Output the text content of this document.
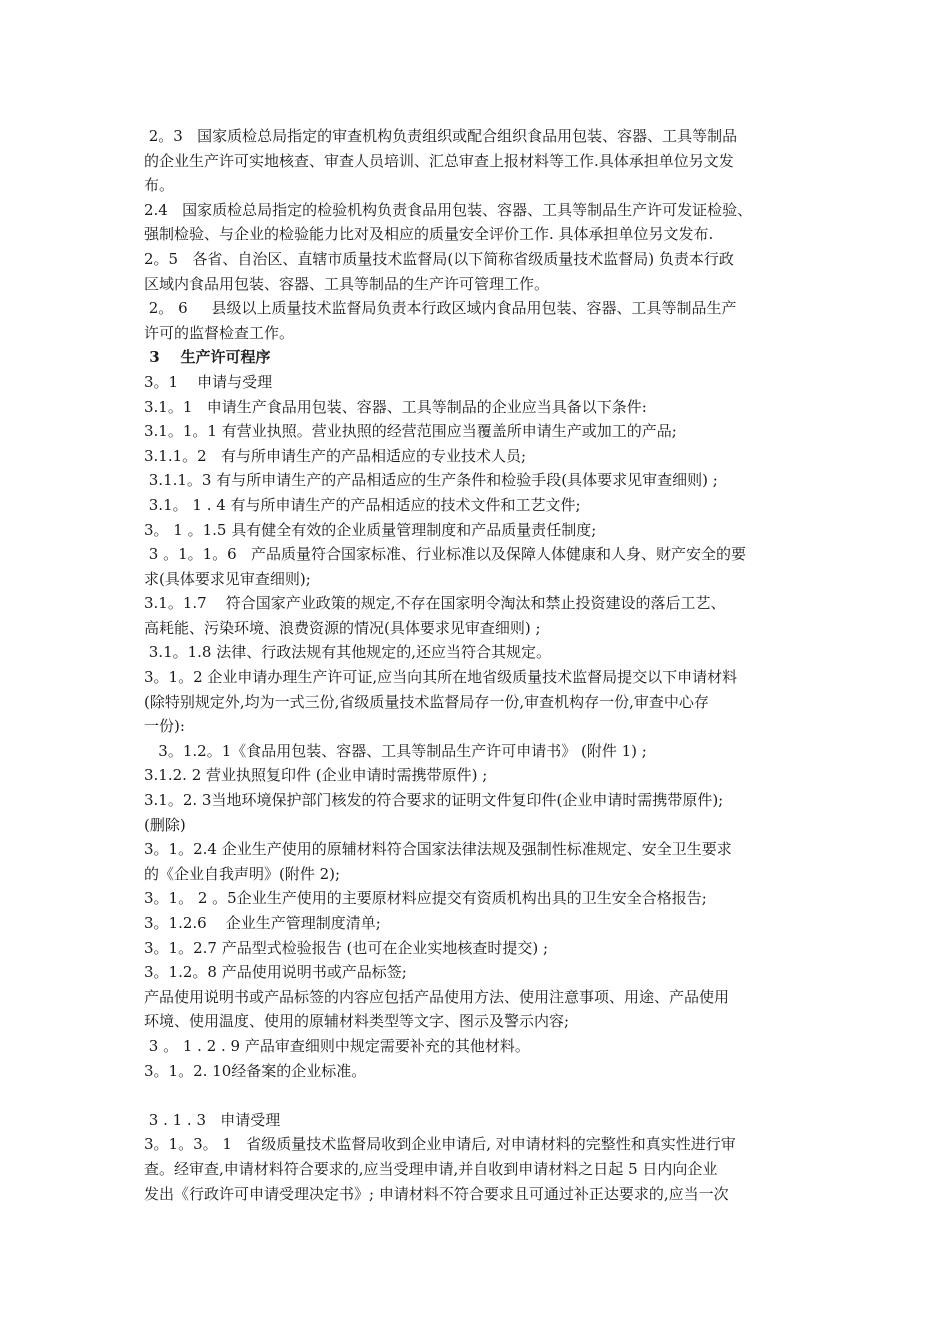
2。3   国家质检总局指定的审查机构负责组织或配合组织食品用包装、容器、工具等制品
的企业生产许可实地核查、审查人员培训、汇总审查上报材料等工作.具体承担单位另文发
布。
2.4   国家质检总局指定的检验机构负责食品用包装、容器、工具等制品生产许可发证检验、
强制检验、与企业的检验能力比对及相应的质量安全评价工作. 具体承担单位另文发布.
2。5   各省、自治区、直辖市质量技术监督局(以下简称省级质量技术监督局) 负责本行政
区域内食品用包装、容器、工具等制品的生产许可管理工作。
2。 6     县级以上质量技术监督局负责本行政区域内食品用包装、容器、工具等制品生产
许可的监督检查工作。
3    生产许可程序
3。1    申请与受理
3.1。1   申请生产食品用包装、容器、工具等制品的企业应当具备以下条件:
3.1。1。1 有营业执照。营业执照的经营范围应当覆盖所申请生产或加工的产品;
3.1.1。2   有与所申请生产的产品相适应的专业技术人员;
3.1.1。3 有与所申请生产的产品相适应的生产条件和检验手段(具体要求见审查细则) ;
3.1。 1 . 4 有与所申请生产的产品相适应的技术文件和工艺文件;
3。 1 。1.5 具有健全有效的企业质量管理制度和产品质量责任制度;
3 。1。1。6   产品质量符合国家标准、行业标准以及保障人体健康和人身、财产安全的要
求(具体要求见审查细则);
3.1。1.7    符合国家产业政策的规定,不存在国家明令淘汰和禁止投资建设的落后工艺、
高耗能、污染环境、浪费资源的情况(具体要求见审查细则) ;
3.1。1.8 法律、行政法规有其他规定的,还应当符合其规定。
3。1。2 企业申请办理生产许可证,应当向其所在地省级质量技术监督局提交以下申请材料
(除特别规定外,均为一式三份,省级质量技术监督局存一份,审查机构存一份,审查中心存
一份):
3。1.2。1《食品用包装、容器、工具等制品生产许可申请书》 (附件 1) ;
3.1.2. 2 营业执照复印件 (企业申请时需携带原件) ;
3.1。2. 3当地环境保护部门核发的符合要求的证明文件复印件(企业申请时需携带原件);
(删除)
3。1。2.4 企业生产使用的原辅材料符合国家法律法规及强制性标准规定、安全卫生要求
的《企业自我声明》(附件 2);
3。1。 2 。5企业生产使用的主要原材料应提交有资质机构出具的卫生安全合格报告;
3。1.2.6    企业生产管理制度清单;
3。1。2.7 产品型式检验报告 (也可在企业实地核查时提交) ;
3。1.2。8 产品使用说明书或产品标签;
产品使用说明书或产品标签的内容应包括产品使用方法、使用注意事项、用途、产品使用
环境、使用温度、使用的原辅材料类型等文字、图示及警示内容;
3 。 1 . 2 . 9 产品审查细则中规定需要补充的其他材料。
3。1。2. 10经备案的企业标准。
3 . 1 . 3   申请受理
3。1。3。 1   省级质量技术监督局收到企业申请后, 对申请材料的完整性和真实性进行审
查。经审查,申请材料符合要求的,应当受理申请,并自收到申请材料之日起 5 日内向企业
发出《行政许可申请受理决定书》; 申请材料不符合要求且可通过补正达要求的,应当一次
